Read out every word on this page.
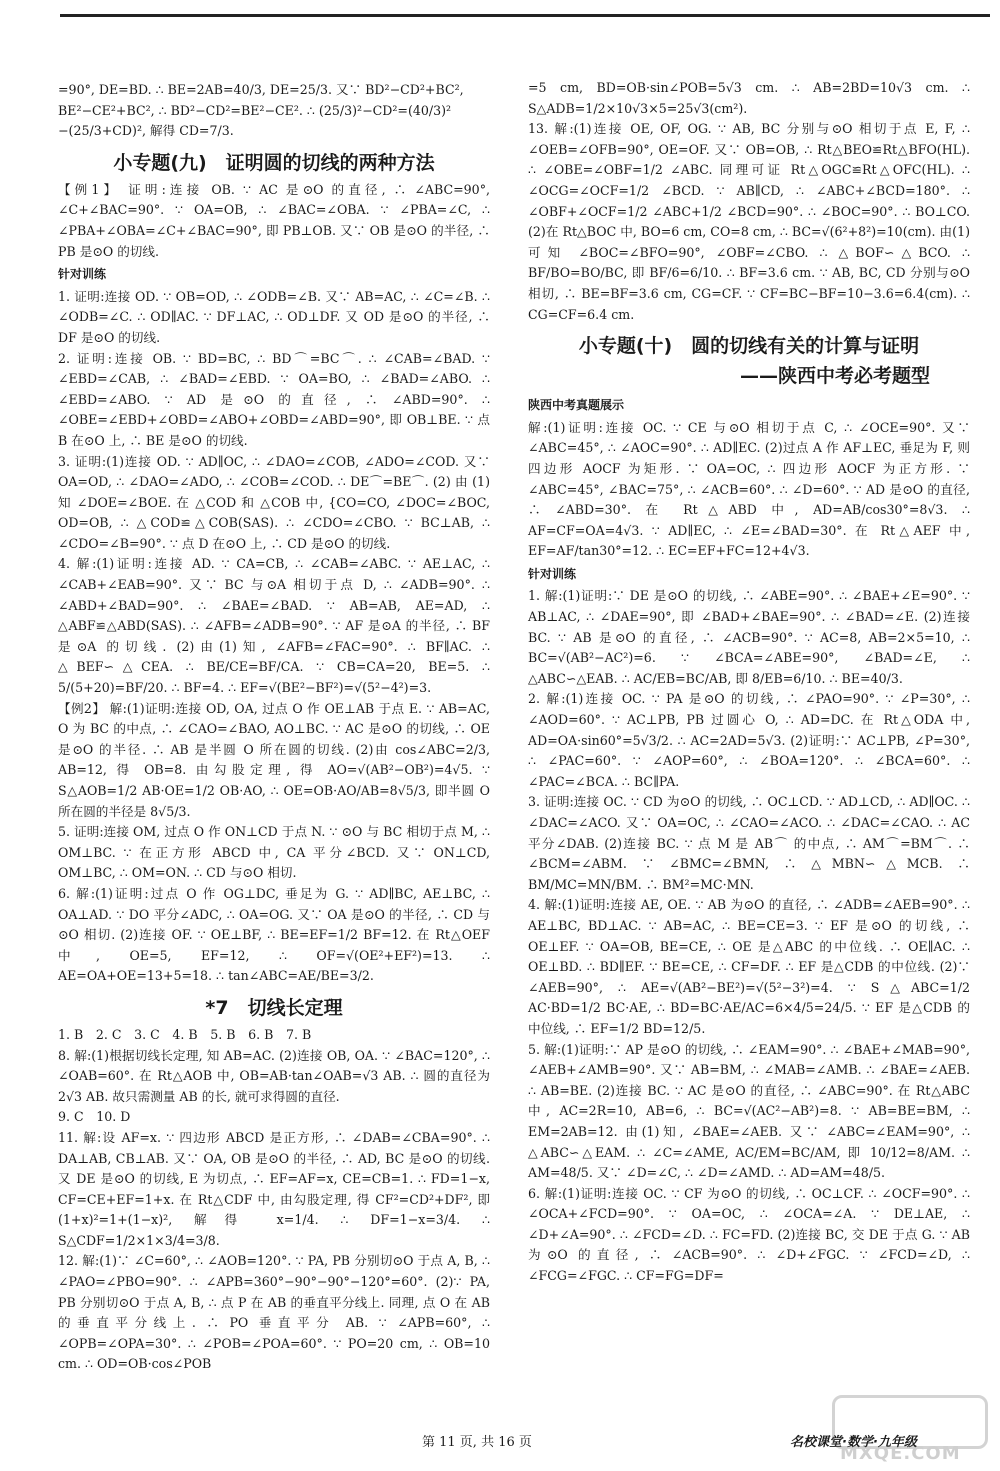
=90°, DE=BD. ∴ BE=2AB=40/3, DE=25/3. 又∵ BD²−CD²+BC²,

BE²−CE²+BC², ∴ BD²−CD²=BE²−CE². ∴ (25/3)²−CD²=(40/3)²

−(25/3+CD)², 解得 CD=7/3.

小专题(九)　证明圆的切线的两种方法

【例1】 证明:连接 OB. ∵ AC 是⊙O 的直径, ∴ ∠ABC=90°, ∠C+∠BAC=90°. ∵ OA=OB, ∴ ∠BAC=∠OBA. ∵ ∠PBA=∠C, ∴ ∠PBA+∠OBA=∠C+∠BAC=90°, 即 PB⊥OB. 又∵ OB 是⊙O 的半径, ∴ PB 是⊙O 的切线.

针对训练

1. 证明:连接 OD. ∵ OB=OD, ∴ ∠ODB=∠B. 又∵ AB=AC, ∴ ∠C=∠B. ∴ ∠ODB=∠C. ∴ OD∥AC. ∵ DF⊥AC, ∴ OD⊥DF. 又 OD 是⊙O 的半径, ∴ DF 是⊙O 的切线.

2. 证明:连接 OB. ∵ BD=BC, ∴ BD⌒=BC⌒. ∴ ∠CAB=∠BAD. ∵ ∠EBD=∠CAB, ∴ ∠BAD=∠EBD. ∵ OA=BO, ∴ ∠BAD=∠ABO. ∴ ∠EBD=∠ABO. ∵ AD 是⊙O 的直径, ∴ ∠ABD=90°. ∴ ∠OBE=∠EBD+∠OBD=∠ABO+∠OBD=∠ABD=90°, 即 OB⊥BE. ∵ 点 B 在⊙O 上, ∴ BE 是⊙O 的切线.

3. 证明:(1)连接 OD. ∵ AD∥OC, ∴ ∠DAO=∠COB, ∠ADO=∠COD. 又∵ OA=OD, ∴ ∠DAO=∠ADO, ∴ ∠COB=∠COD. ∴ DE⌒=BE⌒. (2) 由 (1) 知 ∠DOE=∠BOE. 在 △COD 和 △COB 中, {CO=CO, ∠DOC=∠BOC, OD=OB, ∴ △COD≌△COB(SAS). ∴ ∠CDO=∠CBO. ∵ BC⊥AB, ∴ ∠CDO=∠B=90°. ∵ 点 D 在⊙O 上, ∴ CD 是⊙O 的切线.

4. 解:(1)证明:连接 AD. ∵ CA=CB, ∴ ∠CAB=∠ABC. ∵ AE⊥AC, ∴ ∠CAB+∠EAB=90°. 又∵ BC 与⊙A 相切于点 D, ∴ ∠ADB=90°. ∴ ∠ABD+∠BAD=90°. ∴ ∠BAE=∠BAD. ∵ AB=AB, AE=AD, ∴ △ABF≌△ABD(SAS). ∴ ∠AFB=∠ADB=90°. ∵ AF 是⊙A 的半径, ∴ BF 是⊙A 的切线. (2)由(1)知, ∠AFB=∠FAC=90°. ∴ BF∥AC. ∴ △BEF∽△CEA. ∴ BE/CE=BF/CA. ∵ CB=CA=20, BE=5. ∴ 5/(5+20)=BF/20. ∴ BF=4. ∴ EF=√(BE²−BF²)=√(5²−4²)=3.

【例2】 解:(1)证明:连接 OD, OA, 过点 O 作 OE⊥AB 于点 E. ∵ AB=AC, O 为 BC 的中点, ∴ ∠CAO=∠BAO, AO⊥BC. ∵ AC 是⊙O 的切线, ∴ OE 是⊙O 的半径. ∴ AB 是半圆 O 所在圆的切线. (2)由 cos∠ABC=2/3, AB=12, 得 OB=8. 由勾股定理, 得 AO=√(AB²−OB²)=4√5. ∵ S△AOB=1/2 AB·OE=1/2 OB·AO, ∴ OE=OB·AO/AB=8√5/3, 即半圆 O 所在圆的半径是 8√5/3.

5. 证明:连接 OM, 过点 O 作 ON⊥CD 于点 N. ∵ ⊙O 与 BC 相切于点 M, ∴ OM⊥BC. ∵ 在正方形 ABCD 中, CA 平分∠BCD. 又∵ ON⊥CD, OM⊥BC, ∴ OM=ON. ∴ CD 与⊙O 相切.

6. 解:(1)证明:过点 O 作 OG⊥DC, 垂足为 G. ∵ AD∥BC, AE⊥BC, ∴ OA⊥AD. ∵ DO 平分∠ADC, ∴ OA=OG. 又∵ OA 是⊙O 的半径, ∴ CD 与⊙O 相切. (2)连接 OF. ∵ OE⊥BF, ∴ BE=EF=1/2 BF=12. 在 Rt△OEF 中, OE=5, EF=12, ∴ OF=√(OE²+EF²)=13. ∴ AE=OA+OE=13+5=18. ∴ tan∠ABC=AE/BE=3/2.

*7　切线长定理

1. B　2. C　3. C　4. B　5. B　6. B　7. B

8. 解:(1)根据切线长定理, 知 AB=AC. (2)连接 OB, OA. ∵ ∠BAC=120°, ∴ ∠OAB=60°. 在 Rt△AOB 中, OB=AB·tan∠OAB=√3 AB. ∴ 圆的直径为 2√3 AB. 故只需测量 AB 的长, 就可求得圆的直径.

9. C　10. D

11. 解:设 AF=x. ∵ 四边形 ABCD 是正方形, ∴ ∠DAB=∠CBA=90°. ∴ DA⊥AB, CB⊥AB. 又∵ OA, OB 是⊙O 的半径, ∴ AD, BC 是⊙O 的切线. 又 DE 是⊙O 的切线, E 为切点, ∴ EF=AF=x, CE=CB=1. ∴ FD=1−x, CF=CE+EF=1+x. 在 Rt△CDF 中, 由勾股定理, 得 CF²=CD²+DF², 即 (1+x)²=1+(1−x)², 解得 x=1/4. ∴ DF=1−x=3/4. ∴ S△CDF=1/2×1×3/4=3/8.

12. 解:(1)∵ ∠C=60°, ∴ ∠AOB=120°. ∵ PA, PB 分别切⊙O 于点 A, B, ∴ ∠PAO=∠PBO=90°. ∴ ∠APB=360°−90°−90°−120°=60°. (2)∵ PA, PB 分别切⊙O 于点 A, B, ∴ 点 P 在 AB 的垂直平分线上. 同理, 点 O 在 AB 的垂直平分线上. ∴ PO 垂直平分 AB. ∵ ∠APB=60°, ∴ ∠OPB=∠OPA=30°. ∴ ∠POB=∠POA=60°. ∵ PO=20 cm, ∴ OB=10 cm. ∴ OD=OB·cos∠POB

=5 cm, BD=OB·sin∠POB=5√3 cm. ∴ AB=2BD=10√3 cm. ∴ S△ADB=1/2×10√3×5=25√3(cm²).

13. 解:(1)连接 OE, OF, OG. ∵ AB, BC 分别与⊙O 相切于点 E, F, ∴ ∠OEB=∠OFB=90°, OE=OF. 又∵ OB=OB, ∴ Rt△BEO≌Rt△BFO(HL). ∴ ∠OBE=∠OBF=1/2 ∠ABC. 同理可证 Rt△OGC≌Rt△OFC(HL). ∴ ∠OCG=∠OCF=1/2 ∠BCD. ∵ AB∥CD, ∴ ∠ABC+∠BCD=180°. ∴ ∠OBF+∠OCF=1/2 ∠ABC+1/2 ∠BCD=90°. ∴ ∠BOC=90°. ∴ BO⊥CO. (2)在 Rt△BOC 中, BO=6 cm, CO=8 cm, ∴ BC=√(6²+8²)=10(cm). 由(1)可知 ∠BOC=∠BFO=90°, ∠OBF=∠CBO. ∴ △BOF∽△BCO. ∴ BF/BO=BO/BC, 即 BF/6=6/10. ∴ BF=3.6 cm. ∵ AB, BC, CD 分别与⊙O 相切, ∴ BE=BF=3.6 cm, CG=CF. ∵ CF=BC−BF=10−3.6=6.4(cm). ∴ CG=CF=6.4 cm.

小专题(十)　圆的切线有关的计算与证明
——陕西中考必考题型
陕西中考真题展示

解:(1)证明:连接 OC. ∵ CE 与⊙O 相切于点 C, ∴ ∠OCE=90°. 又∵ ∠ABC=45°, ∴ ∠AOC=90°. ∴ AD∥EC. (2)过点 A 作 AF⊥EC, 垂足为 F, 则四边形 AOCF 为矩形. ∵ OA=OC, ∴ 四边形 AOCF 为正方形. ∵ ∠ABC=45°, ∠BAC=75°, ∴ ∠ACB=60°. ∴ ∠D=60°. ∵ AD 是⊙O 的直径, ∴ ∠ABD=30°. 在 Rt△ABD 中, AD=AB/cos30°=8√3. ∴ AF=CF=OA=4√3. ∵ AD∥EC, ∴ ∠E=∠BAD=30°. 在 Rt△AEF 中, EF=AF/tan30°=12. ∴ EC=EF+FC=12+4√3.

针对训练

1. 解:(1)证明:∵ DE 是⊙O 的切线, ∴ ∠ABE=90°. ∴ ∠BAE+∠E=90°. ∵ AB⊥AC, ∴ ∠DAE=90°, 即 ∠BAD+∠BAE=90°. ∴ ∠BAD=∠E. (2)连接 BC. ∵ AB 是⊙O 的直径, ∴ ∠ACB=90°. ∵ AC=8, AB=2×5=10, ∴ BC=√(AB²−AC²)=6. ∵ ∠BCA=∠ABE=90°, ∠BAD=∠E, ∴ △ABC∽△EAB. ∴ AC/EB=BC/AB, 即 8/EB=6/10. ∴ BE=40/3.

2. 解:(1)连接 OC. ∵ PA 是⊙O 的切线, ∴ ∠PAO=90°. ∵ ∠P=30°, ∴ ∠AOD=60°. ∵ AC⊥PB, PB 过圆心 O, ∴ AD=DC. 在 Rt△ODA 中, AD=OA·sin60°=5√3/2. ∴ AC=2AD=5√3. (2)证明:∵ AC⊥PB, ∠P=30°, ∴ ∠PAC=60°. ∵ ∠AOP=60°, ∴ ∠BOA=120°. ∴ ∠BCA=60°. ∴ ∠PAC=∠BCA. ∴ BC∥PA.

3. 证明:连接 OC. ∵ CD 为⊙O 的切线, ∴ OC⊥CD. ∵ AD⊥CD, ∴ AD∥OC. ∴ ∠DAC=∠ACO. 又∵ OA=OC, ∴ ∠CAO=∠ACO. ∴ ∠DAC=∠CAO. ∴ AC 平分∠DAB. (2)连接 BC. ∵ 点 M 是 AB⌒ 的中点, ∴ AM⌒=BM⌒. ∴ ∠BCM=∠ABM. ∵ ∠BMC=∠BMN, ∴ △MBN∽△MCB. ∴ BM/MC=MN/BM. ∴ BM²=MC·MN.

4. 解:(1)证明:连接 AE, OE. ∵ AB 为⊙O 的直径, ∴ ∠ADB=∠AEB=90°. ∴ AE⊥BC, BD⊥AC. ∵ AB=AC, ∴ BE=CE=3. ∵ EF 是⊙O 的切线, ∴ OE⊥EF. ∵ OA=OB, BE=CE, ∴ OE 是△ABC 的中位线. ∴ OE∥AC. ∴ OE⊥BD. ∴ BD∥EF. ∵ BE=CE, ∴ CF=DF. ∴ EF 是△CDB 的中位线. (2)∵ ∠AEB=90°, ∴ AE=√(AB²−BE²)=√(5²−3²)=4. ∵ S△ABC=1/2 AC·BD=1/2 BC·AE, ∴ BD=BC·AE/AC=6×4/5=24/5. ∵ EF 是△CDB 的中位线, ∴ EF=1/2 BD=12/5.

5. 解:(1)证明:∵ AP 是⊙O 的切线, ∴ ∠EAM=90°. ∴ ∠BAE+∠MAB=90°, ∠AEB+∠AMB=90°. 又∵ AB=BM, ∴ ∠MAB=∠AMB. ∴ ∠BAE=∠AEB. ∴ AB=BE. (2)连接 BC. ∵ AC 是⊙O 的直径, ∴ ∠ABC=90°. 在 Rt△ABC 中, AC=2R=10, AB=6, ∴ BC=√(AC²−AB²)=8. ∵ AB=BE=BM, ∴ EM=2AB=12. 由(1)知, ∠BAE=∠AEB. 又∵ ∠ABC=∠EAM=90°, ∴ △ABC∽△EAM. ∴ ∠C=∠AME, AC/EM=BC/AM, 即 10/12=8/AM. ∴ AM=48/5. 又∵ ∠D=∠C, ∴ ∠D=∠AMD. ∴ AD=AM=48/5.

6. 解:(1)证明:连接 OC. ∵ CF 为⊙O 的切线, ∴ OC⊥CF. ∴ ∠OCF=90°. ∴ ∠OCA+∠FCD=90°. ∵ OA=OC, ∴ ∠OCA=∠A. ∵ DE⊥AE, ∴ ∠D+∠A=90°. ∴ ∠FCD=∠D. ∴ FC=FD. (2)连接 BC, 交 DE 于点 G. ∵ AB 为⊙O 的直径, ∴ ∠ACB=90°. ∴ ∠D+∠FGC. ∵ ∠FCD=∠D, ∴ ∠FCG=∠FGC. ∴ CF=FG=DF=

第 11 页, 共 16 页	名校课堂·数学·九年级
MXQE.COM
